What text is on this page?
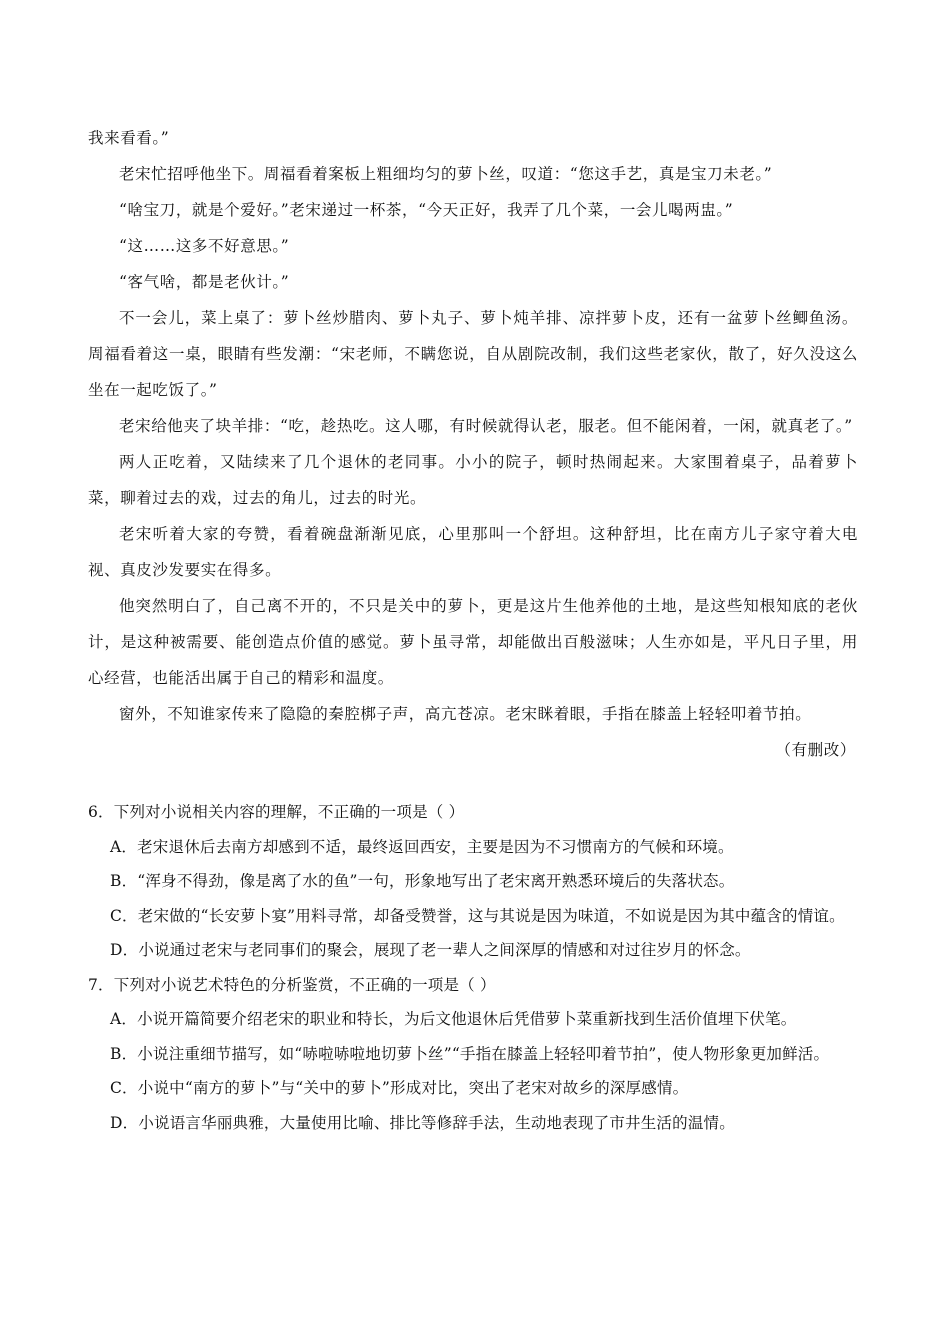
我来看看。”

老宋忙招呼他坐下。周福看着案板上粗细均匀的萝卜丝，叹道：“您这手艺，真是宝刀未老。”

“啥宝刀，就是个爱好。”老宋递过一杯茶，“今天正好，我弄了几个菜，一会儿喝两盅。”

“这……这多不好意思。”

“客气啥，都是老伙计。”

不一会儿，菜上桌了：萝卜丝炒腊肉、萝卜丸子、萝卜炖羊排、凉拌萝卜皮，还有一盆萝卜丝鲫鱼汤。周福看着这一桌，眼睛有些发潮：“宋老师，不瞒您说，自从剧院改制，我们这些老家伙，散了，好久没这么坐在一起吃饭了。”

老宋给他夹了块羊排：“吃，趁热吃。这人哪，有时候就得认老，服老。但不能闲着，一闲，就真老了。”

两人正吃着，又陆续来了几个退休的老同事。小小的院子，顿时热闹起来。大家围着桌子，品着萝卜菜，聊着过去的戏，过去的角儿，过去的时光。

老宋听着大家的夸赞，看着碗盘渐渐见底，心里那叫一个舒坦。这种舒坦，比在南方儿子家守着大电视、真皮沙发要实在得多。

他突然明白了，自己离不开的，不只是关中的萝卜，更是这片生他养他的土地，是这些知根知底的老伙计，是这种被需要、能创造点价值的感觉。萝卜虽寻常，却能做出百般滋味；人生亦如是，平凡日子里，用心经营，也能活出属于自己的精彩和温度。

窗外，不知谁家传来了隐隐的秦腔梆子声，高亢苍凉。老宋眯着眼，手指在膝盖上轻轻叩着节拍。

（有删改）

6．下列对小说相关内容的理解，不正确的一项是（ ）

A．老宋退休后去南方却感到不适，最终返回西安，主要是因为不习惯南方的气候和环境。
B．“浑身不得劲，像是离了水的鱼”一句，形象地写出了老宋离开熟悉环境后的失落状态。
C．老宋做的“长安萝卜宴”用料寻常，却备受赞誉，这与其说是因为味道，不如说是因为其中蕴含的情谊。
D．小说通过老宋与老同事们的聚会，展现了老一辈人之间深厚的情感和对过往岁月的怀念。

7．下列对小说艺术特色的分析鉴赏，不正确的一项是（ ）

A．小说开篇简要介绍老宋的职业和特长，为后文他退休后凭借萝卜菜重新找到生活价值埋下伏笔。
B．小说注重细节描写，如“哧啦哧啦地切萝卜丝”“手指在膝盖上轻轻叩着节拍”，使人物形象更加鲜活。
C．小说中“南方的萝卜”与“关中的萝卜”形成对比，突出了老宋对故乡的深厚感情。
D．小说语言华丽典雅，大量使用比喻、排比等修辞手法，生动地表现了市井生活的温情。
